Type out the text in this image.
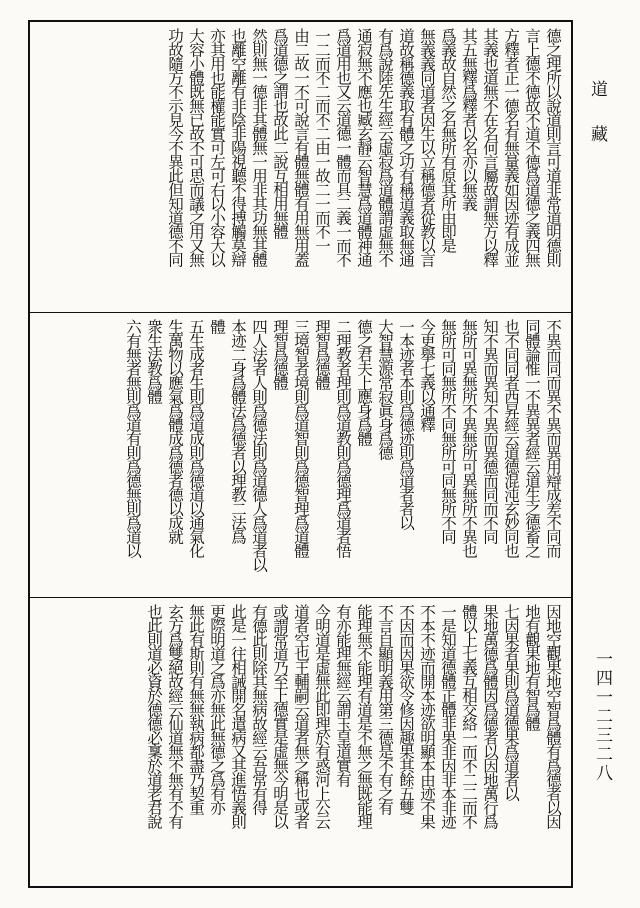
德之理所以說道則言可道非常道明德則
言上德不德故不道不德爲道德之義四無
方釋者正一德名有無量義如因迹有成並
其義也道無不在名何言屬故謂無方以釋
其五無釋爲釋者以名亦以無義
爲義故自然之名無所有原其所由即是
無義義同道者因生以立稱德者從教以言
道故稱德義取有體之功有稱道義取無通
有爲說陸先生經云虛寂爲道體謂虛無不
通寂無不應也臧玄靜云智慧爲道體神通
爲道用也又云道德一體而具二義一而不
一二而不二而不二由一故二一而不一
由二故一不可說言有體無體有用無用蓋
爲道德之謂也故此二說互相用無體
然則無一德非其體無一用非其功無其體
也離空離有非陰非陽視聽不得搏觸莫辯
亦其用也能權能實可左可右以小容大以
大容小體既無已故不可思而議之用又無
功故隨方不示見今不異此但知道德不同
不異而同而異不異而異用辯成差不同而
同體論惟一不異異者經云道生之德畜之
也不同同者西昇經云道德混沌玄妙同也
知不異而異知不異而異德而同而不同
無所可異無所不異無所可異無所不異也
無所可同無所不同無所可同無所不同
今更舉七義以通釋
一本迹者本則爲德迹則爲道者者以
大智慧源常寂眞身爲德
德之君夫上應身爲體
二理教者理則爲道教則爲德理爲道者悟
理智爲德體
三境智者境則爲道智則爲德智理爲道體
理智爲德體
四人法者人則爲德法則爲道德人爲道者以
本迹二身爲體法爲德者以理教二法爲
體
五生成者生則爲道成則爲德道以通氣化
生萬物以應氣爲體成爲德者德以成就
衆生法教爲體
六有無者無則爲道有則爲德無則爲道以
因地空觀果地空智爲體有爲德者以因
地有觀果地有智爲體
七因果者果則爲道德果爲道者以
果地萬德爲體因爲德者以因地萬行爲
體以上七義互相交絡一而不二二而不
一是知道德體正體非果非因非本非迹
不本不迹而開本迹欲明顯本由迹不果
不因而因果欲令修因趣果其餘五雙
不言自顯明義用第三德是不有之有
能理無不能理有道是不無之無既能理
有亦能理無經云謂玉皇道實有
今明道是虛無此即理於有惑河上公云
道者空也王輔嗣云道者無之稱也或者
或謂常道乃至上德實是虛無今明是以
有德此則除其無病故經云吾常有得
此是一往相誡開名遣病又其進悟義則
更際明道之爲亦無此無德之爲有亦
無此有斯則有無無執病都盡乃契重
玄方爲雙絕故經云仙道無不無有不有
也此則道必資於德德必稟於道老君說
道藏
一四一二三二八
